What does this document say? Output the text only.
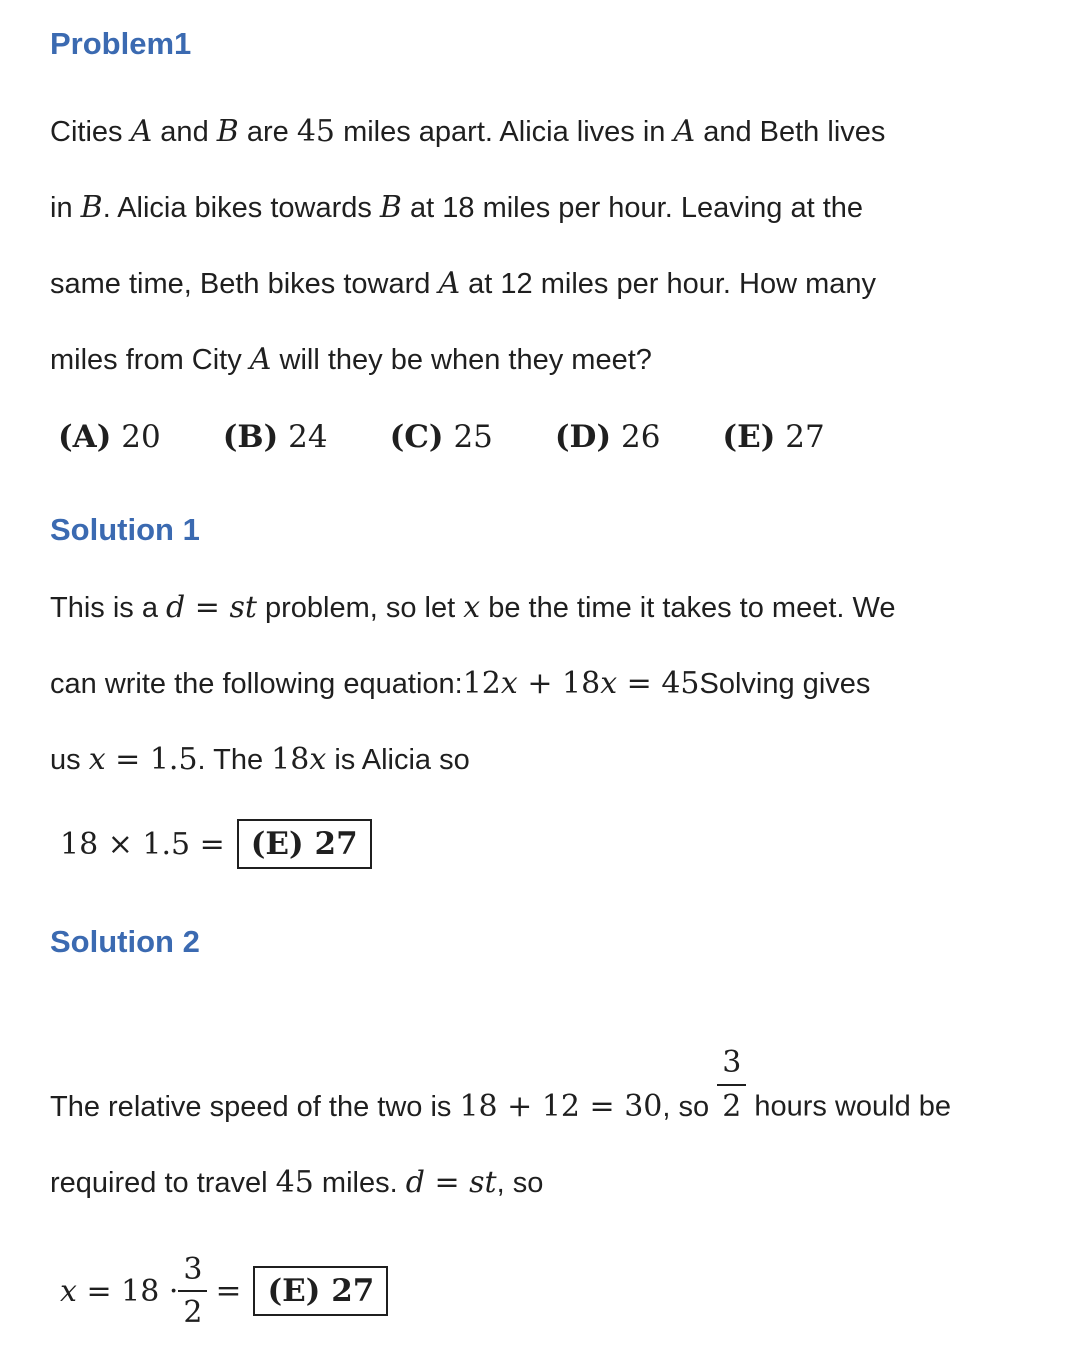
Problem1
Cities A and B are 45 miles apart. Alicia lives in A and Beth lives
in B. Alicia bikes towards B at 18 miles per hour. Leaving at the
same time, Beth bikes toward A at 12 miles per hour. How many
miles from City A will they be when they meet?
(A) 20 (B) 24 (C) 25 (D) 26 (E) 27
Solution 1
This is a d = st problem, so let x be the time it takes to meet. We
can write the following equation:12x + 18x = 45Solving gives
us x = 1.5. The 18x is Alicia so
18 × 1.5 = (E) 27
Solution 2
The relative speed of the two is 18 + 12 = 30, so $\frac{3}{2}$ hours would be
required to travel 45 miles. d = st, so
$x = 18 \cdot \frac{3}{2} = (E)$ 27
